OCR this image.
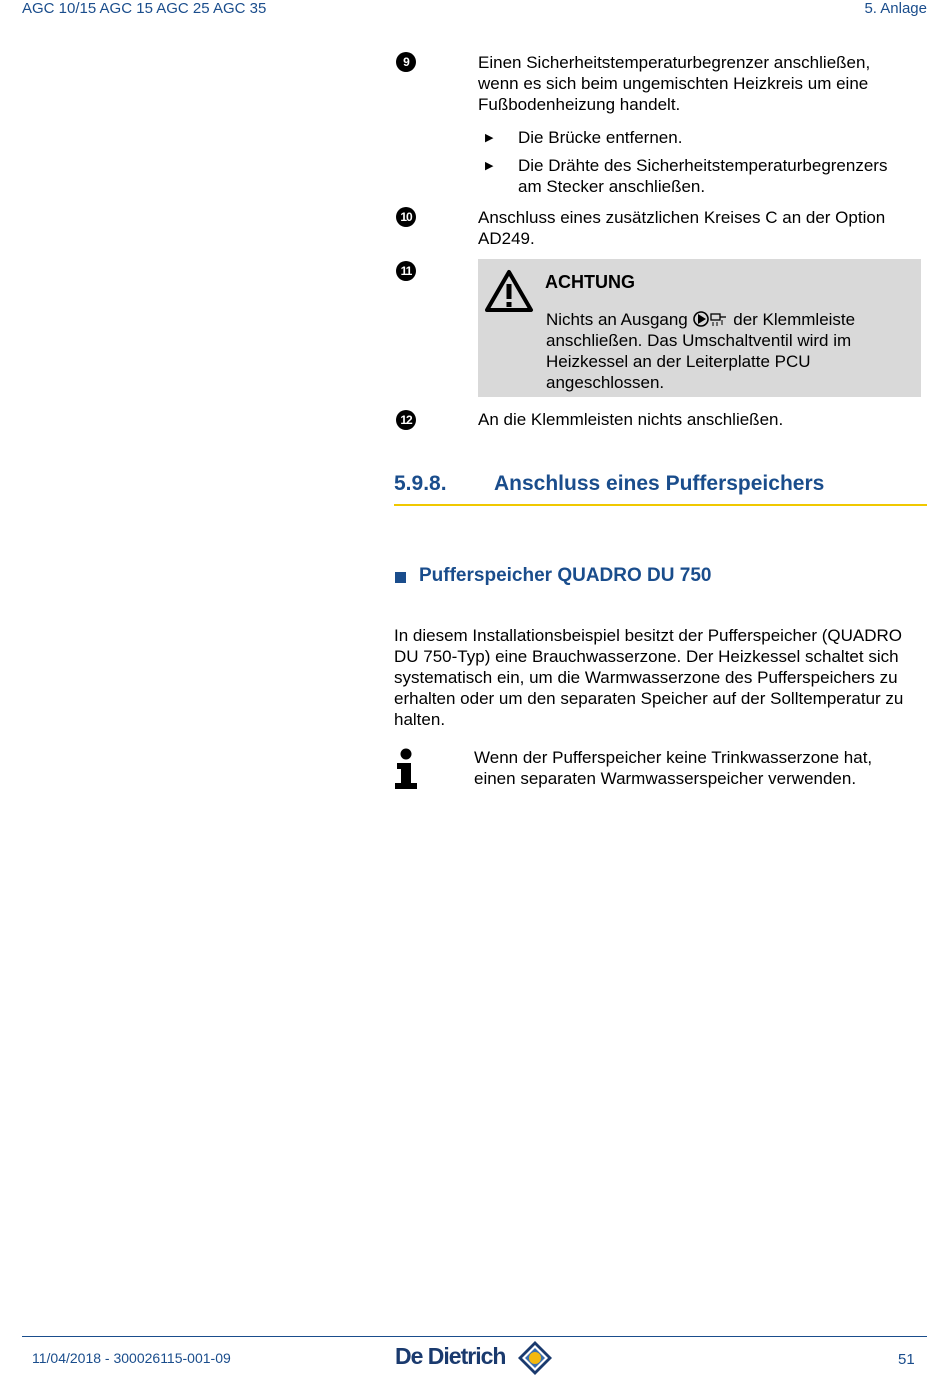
AGC 10/15 AGC 15 AGC 25 AGC 35	5. Anlage
9	Einen Sicherheitstemperaturbegrenzer anschließen,
wenn es sich beim ungemischten Heizkreis um eine
Fußbodenheizung handelt.
▶ Die Brücke entfernen.
▶ Die Drähte des Sicherheitstemperaturbegrenzers
am Stecker anschließen.
10	Anschluss eines zusätzlichen Kreises C an der Option
AD249.
11
ACHTUNG
Nichts an Ausgang	der Klemmleiste
anschließen. Das Umschaltventil wird im
Heizkessel an der Leiterplatte PCU
angeschlossen.
12	An die Klemmleisten nichts anschließen.
5.9.8. Anschluss eines Pufferspeichers
Pufferspeicher QUADRO DU 750
In diesem Installationsbeispiel besitzt der Pufferspeicher (QUADRO
DU 750-Typ) eine Brauchwasserzone. Der Heizkessel schaltet sich
systematisch ein, um die Warmwasserzone des Pufferspeichers zu
erhalten oder um den separaten Speicher auf der Solltemperatur zu
halten.
Wenn der Pufferspeicher keine Trinkwasserzone hat,
einen separaten Warmwasserspeicher verwenden.
11/04/2018 - 300026115-001-09	De Dietrich	51
